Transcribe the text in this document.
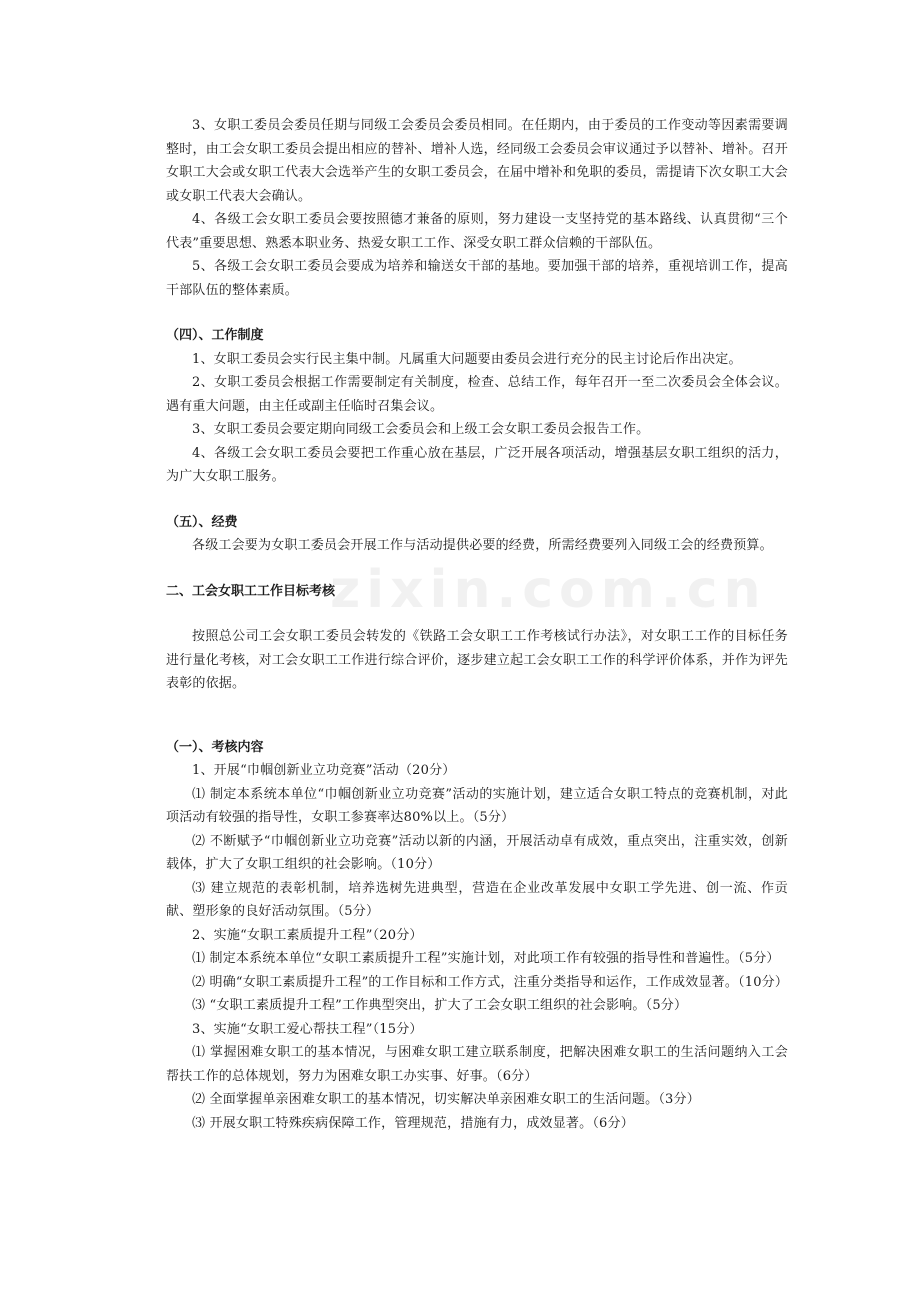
zixin.com.cn

3、女职工委员会委员任期与同级工会委员会委员相同。在任期内，由于委员的工作变动等因素需要调整时，由工会女职工委员会提出相应的替补、增补人选，经同级工会委员会审议通过予以替补、增补。召开女职工大会或女职工代表大会选举产生的女职工委员会，在届中增补和免职的委员，需提请下次女职工大会或女职工代表大会确认。

4、各级工会女职工委员会要按照德才兼备的原则，努力建设一支坚持党的基本路线、认真贯彻“三个代表”重要思想、熟悉本职业务、热爱女职工工作、深受女职工群众信赖的干部队伍。

5、各级工会女职工委员会要成为培养和输送女干部的基地。要加强干部的培养，重视培训工作，提高干部队伍的整体素质。

（四）、工作制度

1、女职工委员会实行民主集中制。凡属重大问题要由委员会进行充分的民主讨论后作出决定。

2、女职工委员会根据工作需要制定有关制度，检查、总结工作，每年召开一至二次委员会全体会议。遇有重大问题，由主任或副主任临时召集会议。

3、女职工委员会要定期向同级工会委员会和上级工会女职工委员会报告工作。

4、各级工会女职工委员会要把工作重心放在基层，广泛开展各项活动，增强基层女职工组织的活力，为广大女职工服务。

（五）、经费

各级工会要为女职工委员会开展工作与活动提供必要的经费，所需经费要列入同级工会的经费预算。

二、工会女职工工作目标考核

按照总公司工会女职工委员会转发的《铁路工会女职工工作考核试行办法》，对女职工工作的目标任务进行量化考核，对工会女职工工作进行综合评价，逐步建立起工会女职工工作的科学评价体系，并作为评先表彰的依据。

（一）、考核内容

1、开展“巾帼创新业立功竞赛”活动（20分）

⑴ 制定本系统本单位“巾帼创新业立功竞赛”活动的实施计划，建立适合女职工特点的竞赛机制，对此项活动有较强的指导性，女职工参赛率达80%以上。（5分）

⑵ 不断赋予“巾帼创新业立功竞赛”活动以新的内涵，开展活动卓有成效，重点突出，注重实效，创新载体，扩大了女职工组织的社会影响。（10分）

⑶ 建立规范的表彰机制，培养选树先进典型，营造在企业改革发展中女职工学先进、创一流、作贡献、塑形象的良好活动氛围。（5分）

2、实施“女职工素质提升工程”（20分）

⑴ 制定本系统本单位“女职工素质提升工程”实施计划，对此项工作有较强的指导性和普遍性。（5分）

⑵ 明确“女职工素质提升工程”的工作目标和工作方式，注重分类指导和运作，工作成效显著。（10分）

⑶ “女职工素质提升工程”工作典型突出，扩大了工会女职工组织的社会影响。（5分）

3、实施“女职工爱心帮扶工程”（15分）

⑴ 掌握困难女职工的基本情况，与困难女职工建立联系制度，把解决困难女职工的生活问题纳入工会帮扶工作的总体规划，努力为困难女职工办实事、好事。（6分）

⑵ 全面掌握单亲困难女职工的基本情况，切实解决单亲困难女职工的生活问题。（3分）

⑶ 开展女职工特殊疾病保障工作，管理规范，措施有力，成效显著。（6分）
